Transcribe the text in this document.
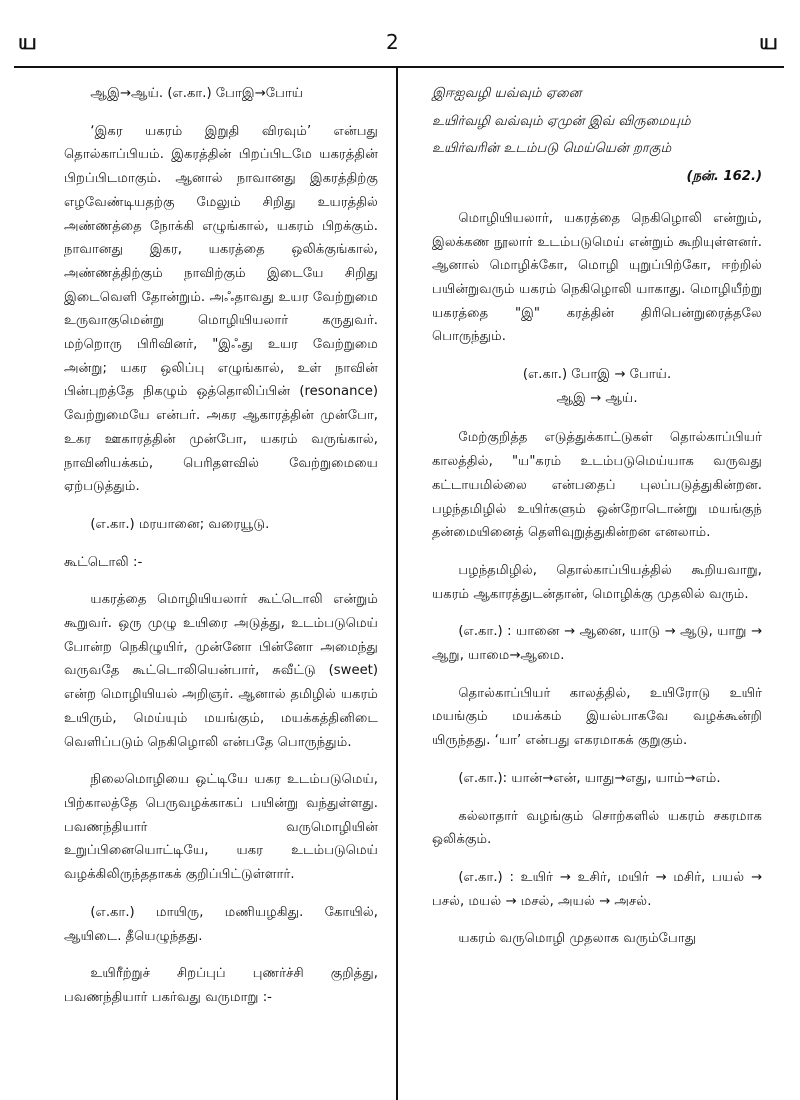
ய	2	ய

ஆஇ→ஆய். (எ.கா.) போஇ→போய்

‘இகர யகரம் இறுதி விரவும்’ என்பது தொல்காப்பியம். இகரத்தின் பிறப்பிடமே யகரத்தின் பிறப்பிடமாகும். ஆனால் நாவானது இகரத்திற்கு எழவேண்டியதற்கு மேலும் சிறிது உயரத்தில் அண்ணத்தை நோக்கி எழுங்கால், யகரம் பிறக்கும். நாவானது இகர, யகரத்தை ஒலிக்குங்கால், அண்ணத்திற்கும் நாவிற்கும் இடையே சிறிது இடைவெளி தோன்றும். அஃதாவது உயர வேற்றுமை உருவாகுமென்று மொழியியலார் கருதுவர். மற்றொரு பிரிவினர், "இஃது உயர வேற்றுமை அன்று; யகர ஒலிப்பு எழுங்கால், உள் நாவின் பின்புறத்தே நிகழும் ஒத்தொலிப்பின் (resonance) வேற்றுமையே என்பர். அகர ஆகாரத்தின் முன்போ, உகர ஊகாரத்தின் முன்போ, யகரம் வருங்கால், நாவினியக்கம், பெரிதளவில் வேற்றுமையை ஏற்படுத்தும்.

(எ.கா.) மரயானை; வரையூடு.

கூட்டொலி :-

யகரத்தை மொழியியலார் கூட்டொலி என்றும் கூறுவர். ஒரு முழு உயிரை அடுத்து, உடம்படுமெய் போன்ற நெகிழுயிர், முன்னோ பின்னோ அமைந்து வருவதே கூட்டொலியென்பார், சுவீட்டு (sweet) என்ற மொழியியல் அறிஞர். ஆனால் தமிழில் யகரம் உயிரும், மெய்யும் மயங்கும், மயக்கத்தினிடை வெளிப்படும் நெகிழொலி என்பதே பொருந்தும்.

நிலைமொழியை ஒட்டியே யகர உடம்படுமெய், பிற்காலத்தே பெருவழக்காகப் பயின்று வந்துள்ளது. பவணந்தியார் வருமொழியின் உறுப்பினையொட்டியே, யகர உடம்படுமெய் வழக்கிலிருந்ததாகக் குறிப்பிட்டுள்ளார்.

(எ.கா.) மாயிரு, மணியழகிது. கோயில், ஆயிடை. தீயெழுந்தது.

உயிரீற்றுச் சிறப்புப் புணர்ச்சி குறித்து, பவணந்தியார் பகர்வது வருமாறு :-

இஈஐவழி யவ்வும் ஏனை

உயிர்வழி வவ்வும் ஏமுன் இவ் விருமையும்

உயிர்வரின் உடம்படு மெய்யென் றாகும்

(நன். 162.)

மொழியியலார், யகரத்தை நெகிழொலி என்றும், இலக்கண நூலார் உடம்படுமெய் என்றும் கூறியுள்ளனர். ஆனால் மொழிக்கோ, மொழி யுறுப்பிற்கோ, ஈற்றில் பயின்றுவரும் யகரம் நெகிழொலி யாகாது. மொழியீற்று யகரத்தை "இ" கரத்தின் திரிபென்றுரைத்தலே பொருந்தும்.

(எ.கா.) போஇ → போய்.

ஆஇ → ஆய்.

மேற்குறித்த எடுத்துக்காட்டுகள் தொல்காப்பியர் காலத்தில், "ய"கரம் உடம்படுமெய்யாக வருவது கட்டாயமில்லை என்பதைப் புலப்படுத்துகின்றன. பழந்தமிழில் உயிர்களும் ஒன்றோடொன்று மயங்குந் தன்மையினைத் தெளிவுறுத்துகின்றன எனலாம்.

பழந்தமிழில், தொல்காப்பியத்தில் கூறியவாறு, யகரம் ஆகாரத்துடன்தான், மொழிக்கு முதலில் வரும்.

(எ.கா.) : யானை → ஆனை, யாடு → ஆடு, யாறு → ஆறு, யாமை→ஆமை.

தொல்காப்பியர் காலத்தில், உயிரோடு உயிர் மயங்கும் மயக்கம் இயல்பாகவே வழக்கூன்றி யிருந்தது. ‘யா’ என்பது எகரமாகக் குறுகும்.

(எ.கா.): யான்→என், யாது→எது, யாம்→எம்.

கல்லாதார் வழங்கும் சொற்களில் யகரம் சகரமாக ஒலிக்கும்.

(எ.கா.) : உயிர் → உசிர், மயிர் → மசிர், பயல் → பசல், மயல் → மசல், அயல் → அசல்.

யகரம் வருமொழி முதலாக வரும்போது
